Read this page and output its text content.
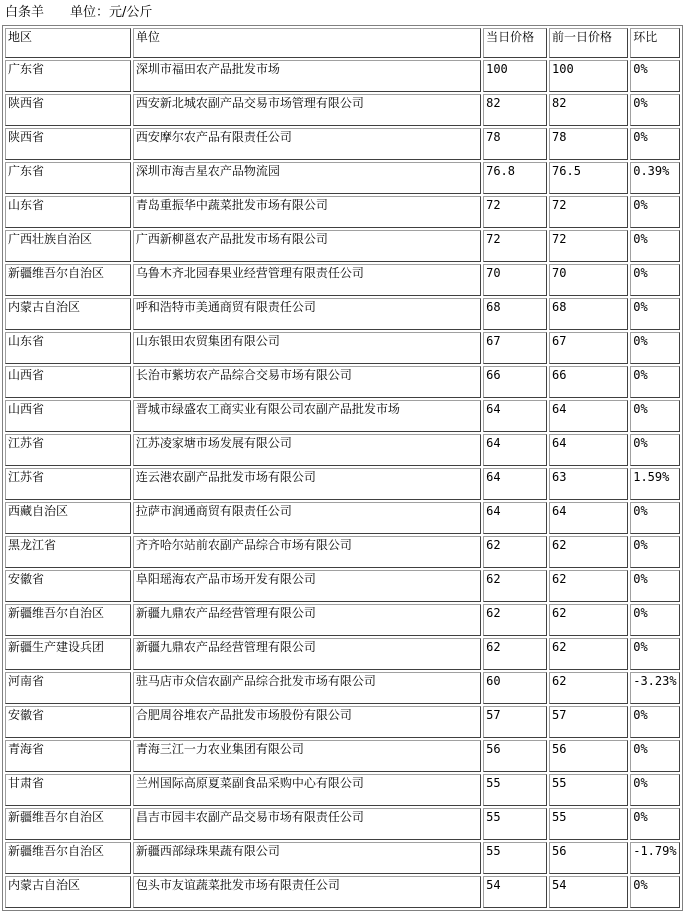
白条羊 单位：元/公斤
地区	单位	当日价格	前一日价格	环比
广东省	深圳市福田农产品批发市场	100	100	0%
陕西省	西安新北城农副产品交易市场管理有限公司	82	82	0%
陕西省	西安摩尔农产品有限责任公司	78	78	0%
广东省	深圳市海吉星农产品物流园	76.8	76.5	0.39%
山东省	青岛重振华中蔬菜批发市场有限公司	72	72	0%
广西壮族自治区	广西新柳邕农产品批发市场有限公司	72	72	0%
新疆维吾尔自治区	乌鲁木齐北园春果业经营管理有限责任公司	70	70	0%
内蒙古自治区	呼和浩特市美通商贸有限责任公司	68	68	0%
山东省	山东银田农贸集团有限公司	67	67	0%
山西省	长治市紫坊农产品综合交易市场有限公司	66	66	0%
山西省	晋城市绿盛农工商实业有限公司农副产品批发市场	64	64	0%
江苏省	江苏凌家塘市场发展有限公司	64	64	0%
江苏省	连云港农副产品批发市场有限公司	64	63	1.59%
西藏自治区	拉萨市润通商贸有限责任公司	64	64	0%
黑龙江省	齐齐哈尔站前农副产品综合市场有限公司	62	62	0%
安徽省	阜阳瑶海农产品市场开发有限公司	62	62	0%
新疆维吾尔自治区	新疆九鼎农产品经营管理有限公司	62	62	0%
新疆生产建设兵团	新疆九鼎农产品经营管理有限公司	62	62	0%
河南省	驻马店市众信农副产品综合批发市场有限公司	60	62	-3.23%
安徽省	合肥周谷堆农产品批发市场股份有限公司	57	57	0%
青海省	青海三江一力农业集团有限公司	56	56	0%
甘肃省	兰州国际高原夏菜副食品采购中心有限公司	55	55	0%
新疆维吾尔自治区	昌吉市园丰农副产品交易市场有限责任公司	55	55	0%
新疆维吾尔自治区	新疆西部绿珠果蔬有限公司	55	56	-1.79%
内蒙古自治区	包头市友谊蔬菜批发市场有限责任公司	54	54	0%
